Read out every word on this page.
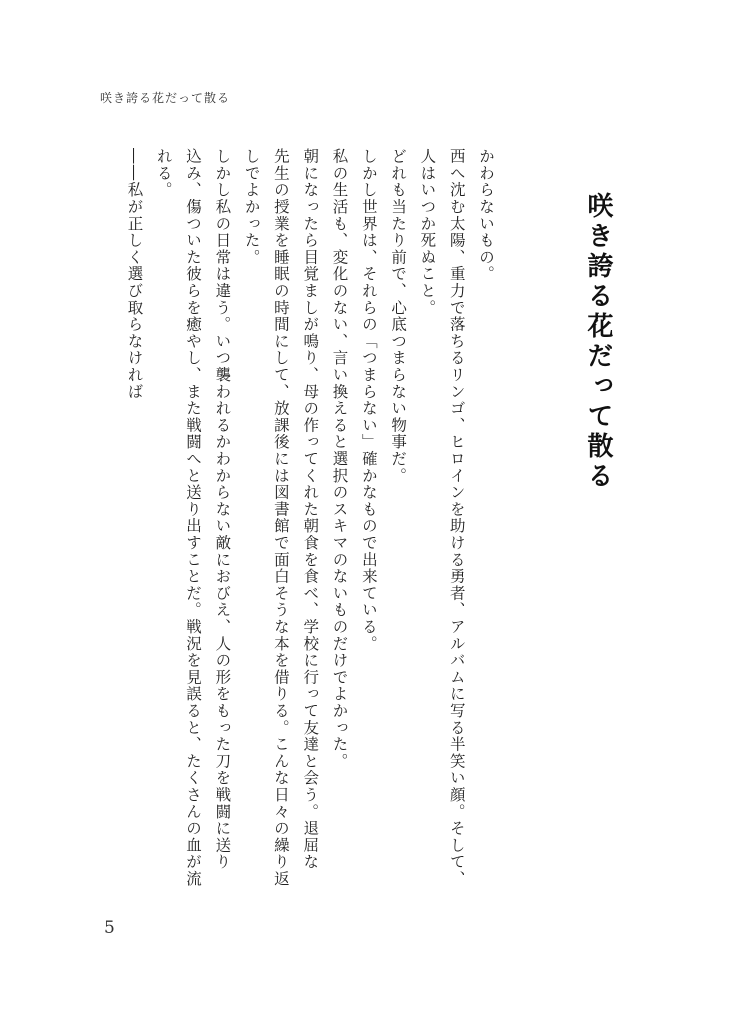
咲き誇る花だって散る
咲き誇る花だって散る

かわらないもの。

西へ沈む太陽、重力で落ちるリンゴ、ヒロインを助ける勇者、アルバムに写る半笑い顔。そして、

人はいつか死ぬこと。

どれも当たり前で、心底つまらない物事だ。

しかし世界は、それらの「つまらない」確かなもので出来ている。

私の生活も、変化のない、言い換えると選択のスキマのないものだけでよかった。

朝になったら目覚ましが鳴り、母の作ってくれた朝食を食べ、学校に行って友達と会う。退屈な

先生の授業を睡眠の時間にして、放課後には図書館で面白そうな本を借りる。こんな日々の繰り返

しでよかった。

しかし私の日常は違う。いつ襲われるかわからない敵におびえ、人の形をもった刀を戦闘に送り

込み、傷ついた彼らを癒やし、また戦闘へと送り出すことだ。戦況を見誤ると、たくさんの血が流

れる。

――私が正しく選び取らなければ

5
